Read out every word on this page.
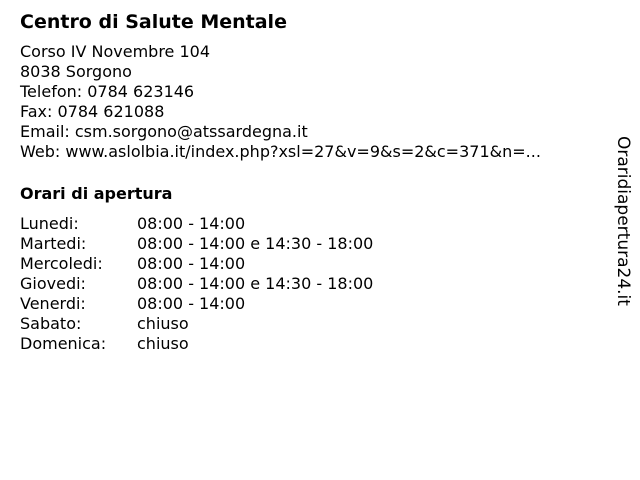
Centro di Salute Mentale
Corso IV Novembre 104
8038 Sorgono
Telefon: 0784 623146
Fax: 0784 621088
Email: csm.sorgono@atssardegna.it
Web: www.aslolbia.it/index.php?xsl=27&v=9&s=2&c=371&n=...
Orari di apertura
Lunedi:	08:00 - 14:00
Martedi:	08:00 - 14:00 e 14:30 - 18:00
Mercoledi:	08:00 - 14:00
Giovedi:	08:00 - 14:00 e 14:30 - 18:00
Venerdi:	08:00 - 14:00
Sabato:	chiuso
Domenica:	chiuso
Oraridiapertura24.it
